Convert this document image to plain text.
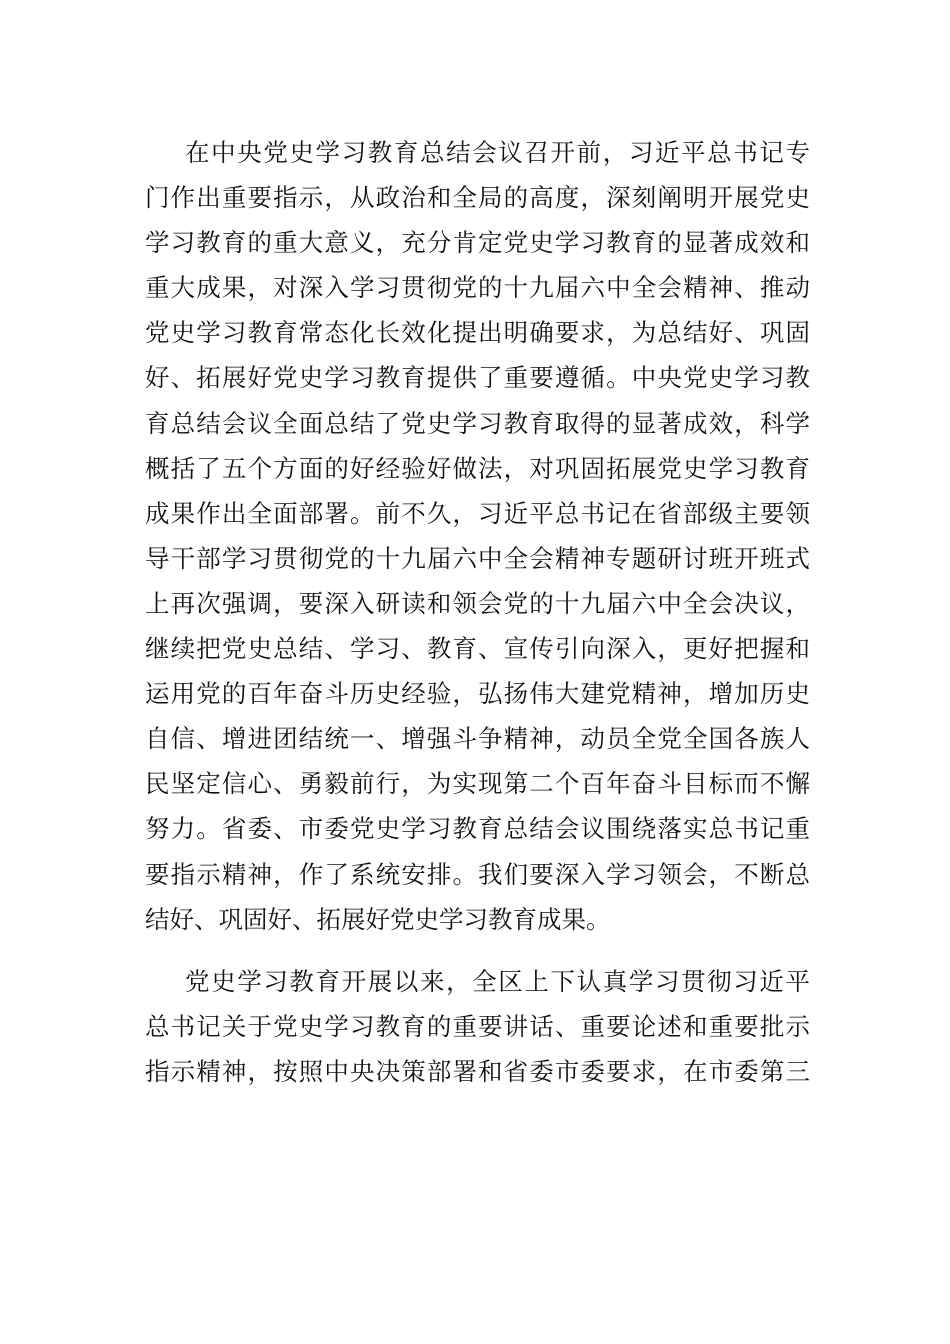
在中央党史学习教育总结会议召开前，习近平总书记专
门作出重要指示，从政治和全局的高度，深刻阐明开展党史
学习教育的重大意义，充分肯定党史学习教育的显著成效和
重大成果，对深入学习贯彻党的十九届六中全会精神、推动
党史学习教育常态化长效化提出明确要求，为总结好、巩固
好、拓展好党史学习教育提供了重要遵循。中央党史学习教
育总结会议全面总结了党史学习教育取得的显著成效，科学
概括了五个方面的好经验好做法，对巩固拓展党史学习教育
成果作出全面部署。前不久，习近平总书记在省部级主要领
导干部学习贯彻党的十九届六中全会精神专题研讨班开班式
上再次强调，要深入研读和领会党的十九届六中全会决议，
继续把党史总结、学习、教育、宣传引向深入，更好把握和
运用党的百年奋斗历史经验，弘扬伟大建党精神，增加历史
自信、增进团结统一、增强斗争精神，动员全党全国各族人
民坚定信心、勇毅前行，为实现第二个百年奋斗目标而不懈
努力。省委、市委党史学习教育总结会议围绕落实总书记重
要指示精神，作了系统安排。我们要深入学习领会，不断总
结好、巩固好、拓展好党史学习教育成果。
党史学习教育开展以来，全区上下认真学习贯彻习近平
总书记关于党史学习教育的重要讲话、重要论述和重要批示
指示精神，按照中央决策部署和省委市委要求，在市委第三
